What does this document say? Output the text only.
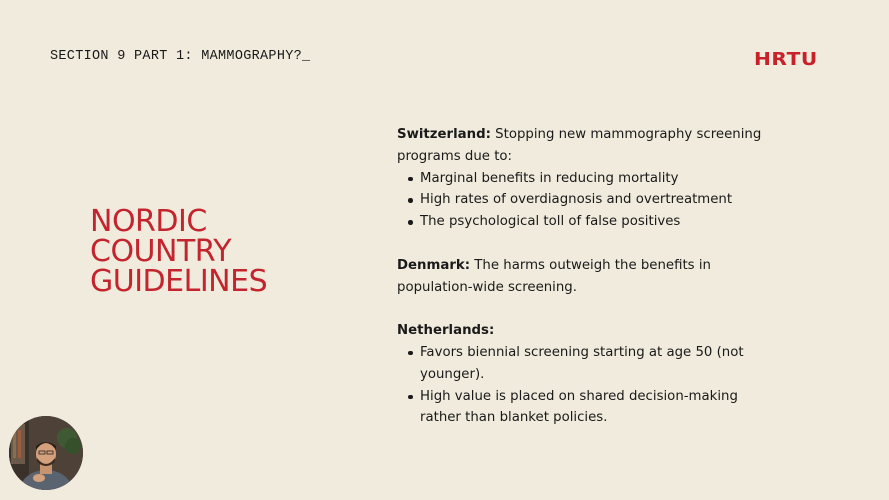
SECTION 9 PART 1: MAMMOGRAPHY?_	HRTU
NORDIC
COUNTRY
GUIDELINES

Switzerland: Stopping new mammography screening
programs due to:

Marginal benefits in reducing mortality
High rates of overdiagnosis and overtreatment
The psychological toll of false positives

Denmark: The harms outweigh the benefits in
population-wide screening.

Netherlands:

Favors biennial screening starting at age 50 (not
younger).
High value is placed on shared decision-making
rather than blanket policies.
